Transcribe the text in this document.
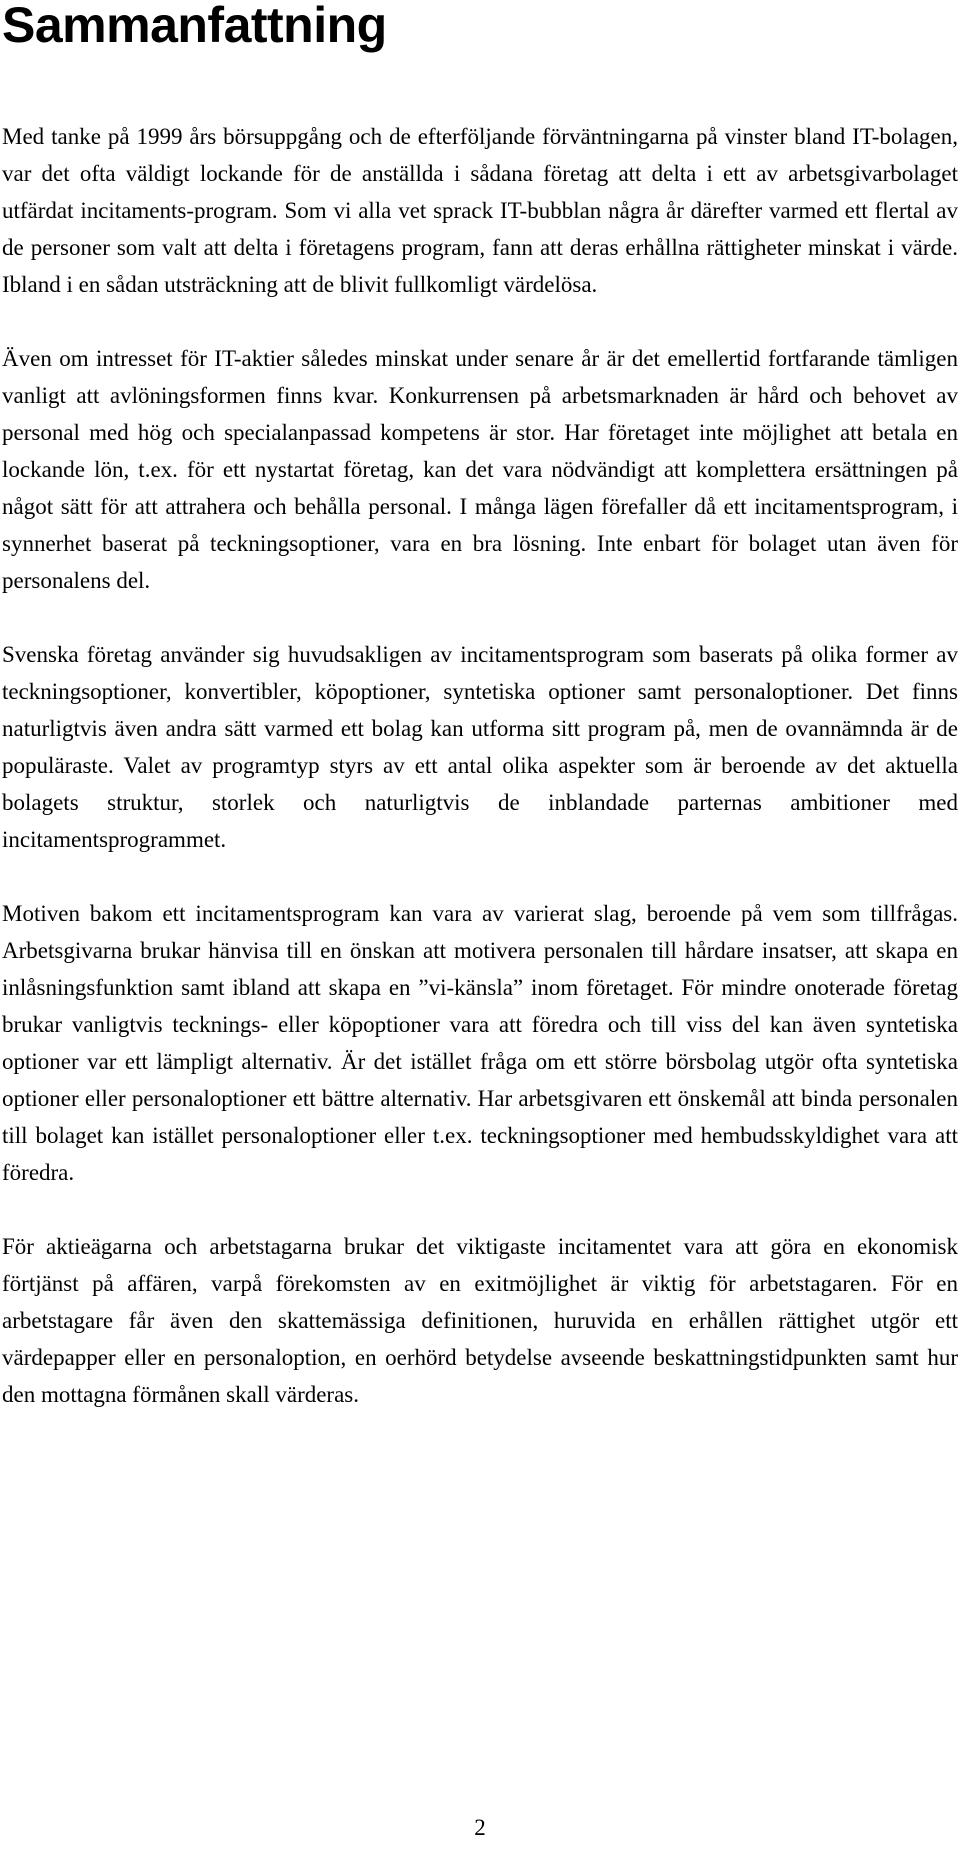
Sammanfattning

Med tanke på 1999 års börsuppgång och de efterföljande förväntningarna på vinster bland IT-bolagen, var det ofta väldigt lockande för de anställda i sådana företag att delta i ett av arbetsgivarbolaget utfärdat incitaments-program. Som vi alla vet sprack IT-bubblan några år därefter varmed ett flertal av de personer som valt att delta i företagens program, fann att deras erhållna rättigheter minskat i värde. Ibland i en sådan utsträckning att de blivit fullkomligt värdelösa.

Även om intresset för IT-aktier således minskat under senare år är det emellertid fortfarande tämligen vanligt att avlöningsformen finns kvar. Konkurrensen på arbetsmarknaden är hård och behovet av personal med hög och specialanpassad kompetens är stor. Har företaget inte möjlighet att betala en lockande lön, t.ex. för ett nystartat företag, kan det vara nödvändigt att komplettera ersättningen på något sätt för att attrahera och behålla personal. I många lägen förefaller då ett incitamentsprogram, i synnerhet baserat på teckningsoptioner, vara en bra lösning. Inte enbart för bolaget utan även för personalens del.

Svenska företag använder sig huvudsakligen av incitamentsprogram som baserats på olika former av teckningsoptioner, konvertibler, köpoptioner, syntetiska optioner samt personaloptioner. Det finns naturligtvis även andra sätt varmed ett bolag kan utforma sitt program på, men de ovannämnda är de populäraste. Valet av programtyp styrs av ett antal olika aspekter som är beroende av det aktuella bolagets struktur, storlek och naturligtvis de inblandade parternas ambitioner med incitamentsprogrammet.

Motiven bakom ett incitamentsprogram kan vara av varierat slag, beroende på vem som tillfrågas. Arbetsgivarna brukar hänvisa till en önskan att motivera personalen till hårdare insatser, att skapa en inlåsningsfunktion samt ibland att skapa en ”vi-känsla” inom företaget. För mindre onoterade företag brukar vanligtvis tecknings- eller köpoptioner vara att föredra och till viss del kan även syntetiska optioner var ett lämpligt alternativ. Är det istället fråga om ett större börsbolag utgör ofta syntetiska optioner eller personaloptioner ett bättre alternativ. Har arbetsgivaren ett önskemål att binda personalen till bolaget kan istället personaloptioner eller t.ex. teckningsoptioner med hembudsskyldighet vara att föredra.

För aktieägarna och arbetstagarna brukar det viktigaste incitamentet vara att göra en ekonomisk förtjänst på affären, varpå förekomsten av en exitmöjlighet är viktig för arbetstagaren. För en arbetstagare får även den skattemässiga definitionen, huruvida en erhållen rättighet utgör ett värdepapper eller en personaloption, en oerhörd betydelse avseende beskattningstidpunkten samt hur den mottagna förmånen skall värderas.

2
